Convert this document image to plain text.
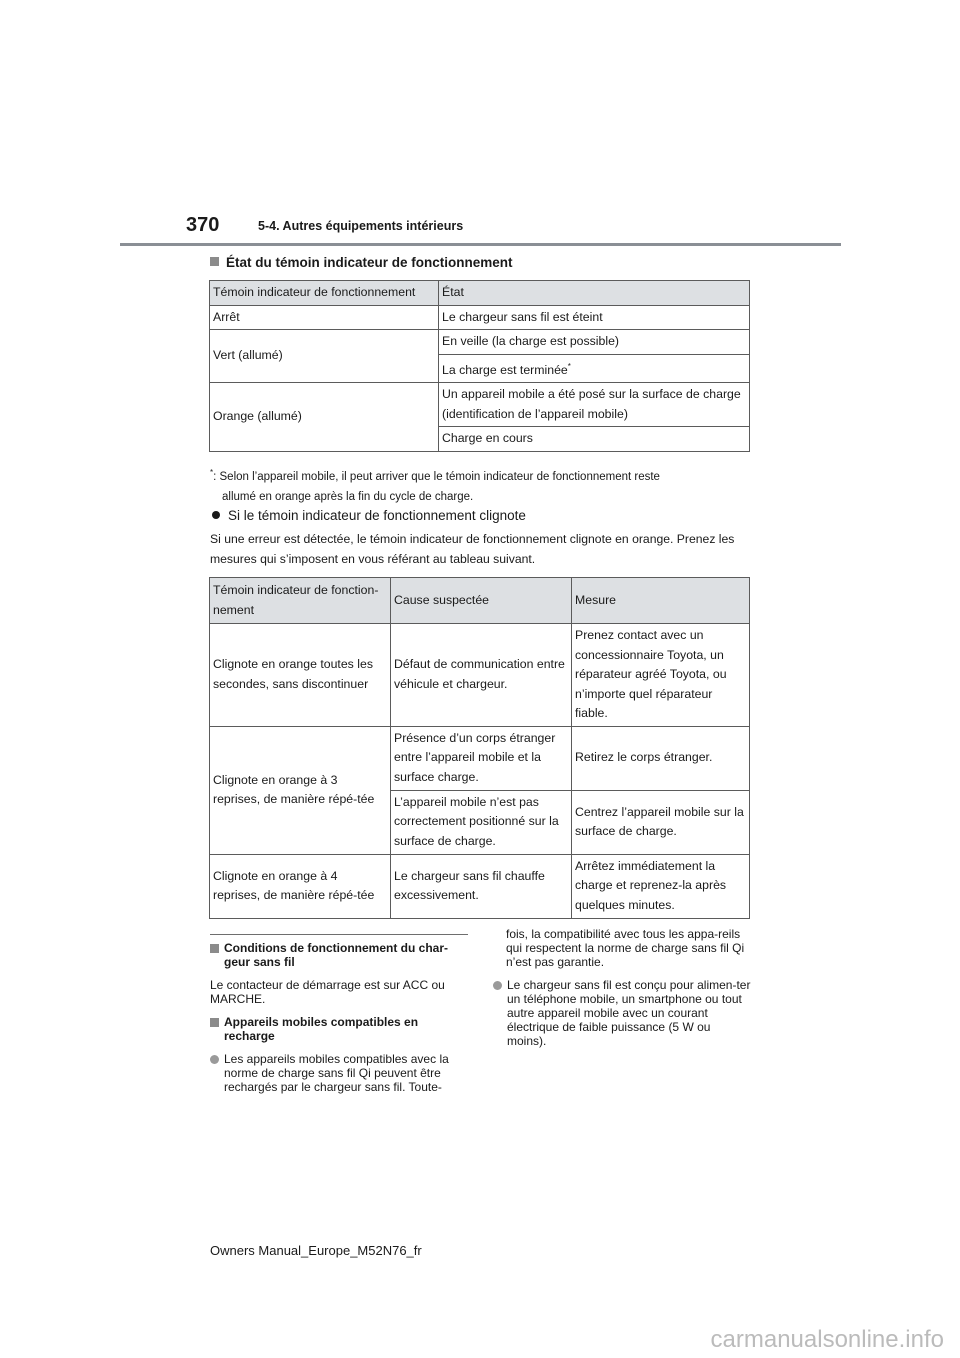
370	5-4. Autres équipements intérieurs
État du témoin indicateur de fonctionnement
Témoin indicateur de fonctionnement	État
Arrêt	Le chargeur sans fil est éteint
Vert (allumé)	En veille (la charge est possible)
	La charge est terminée*
Orange (allumé)	Un appareil mobile a été posé sur la surface de charge (identification de l’appareil mobile)
	Charge en cours
*: Selon l’appareil mobile, il peut arriver que le témoin indicateur de fonctionnement reste
allumé en orange après la fin du cycle de charge.
Si le témoin indicateur de fonctionnement clignote
Si une erreur est détectée, le témoin indicateur de fonctionnement clignote en orange. Prenez les mesures qui s’imposent en vous référant au tableau suivant.
Témoin indicateur de fonction-nement	Cause suspectée	Mesure
Clignote en orange toutes les secondes, sans discontinuer	Défaut de communication entre véhicule et chargeur.	Prenez contact avec un concessionnaire Toyota, un réparateur agréé Toyota, ou n’importe quel réparateur fiable.
Clignote en orange à 3 reprises, de manière répé-tée	Présence d’un corps étranger entre l’appareil mobile et la surface charge.	Retirez le corps étranger.
	L’appareil mobile n’est pas correctement positionné sur la surface de charge.	Centrez l’appareil mobile sur la surface de charge.
Clignote en orange à 4 reprises, de manière répé-tée	Le chargeur sans fil chauffe excessivement.	Arrêtez immédiatement la charge et reprenez-la après quelques minutes.
Conditions de fonctionnement du char-geur sans fil
Le contacteur de démarrage est sur ACC ou MARCHE.
Appareils mobiles compatibles en recharge
Les appareils mobiles compatibles avec la norme de charge sans fil Qi peuvent être rechargés par le chargeur sans fil. Toute-
fois, la compatibilité avec tous les appa-reils qui respectent la norme de charge sans fil Qi n’est pas garantie.
Le chargeur sans fil est conçu pour alimen-ter un téléphone mobile, un smartphone ou tout autre appareil mobile avec un courant électrique de faible puissance (5 W ou moins).
Owners Manual_Europe_M52N76_fr
carmanualsonline.info
